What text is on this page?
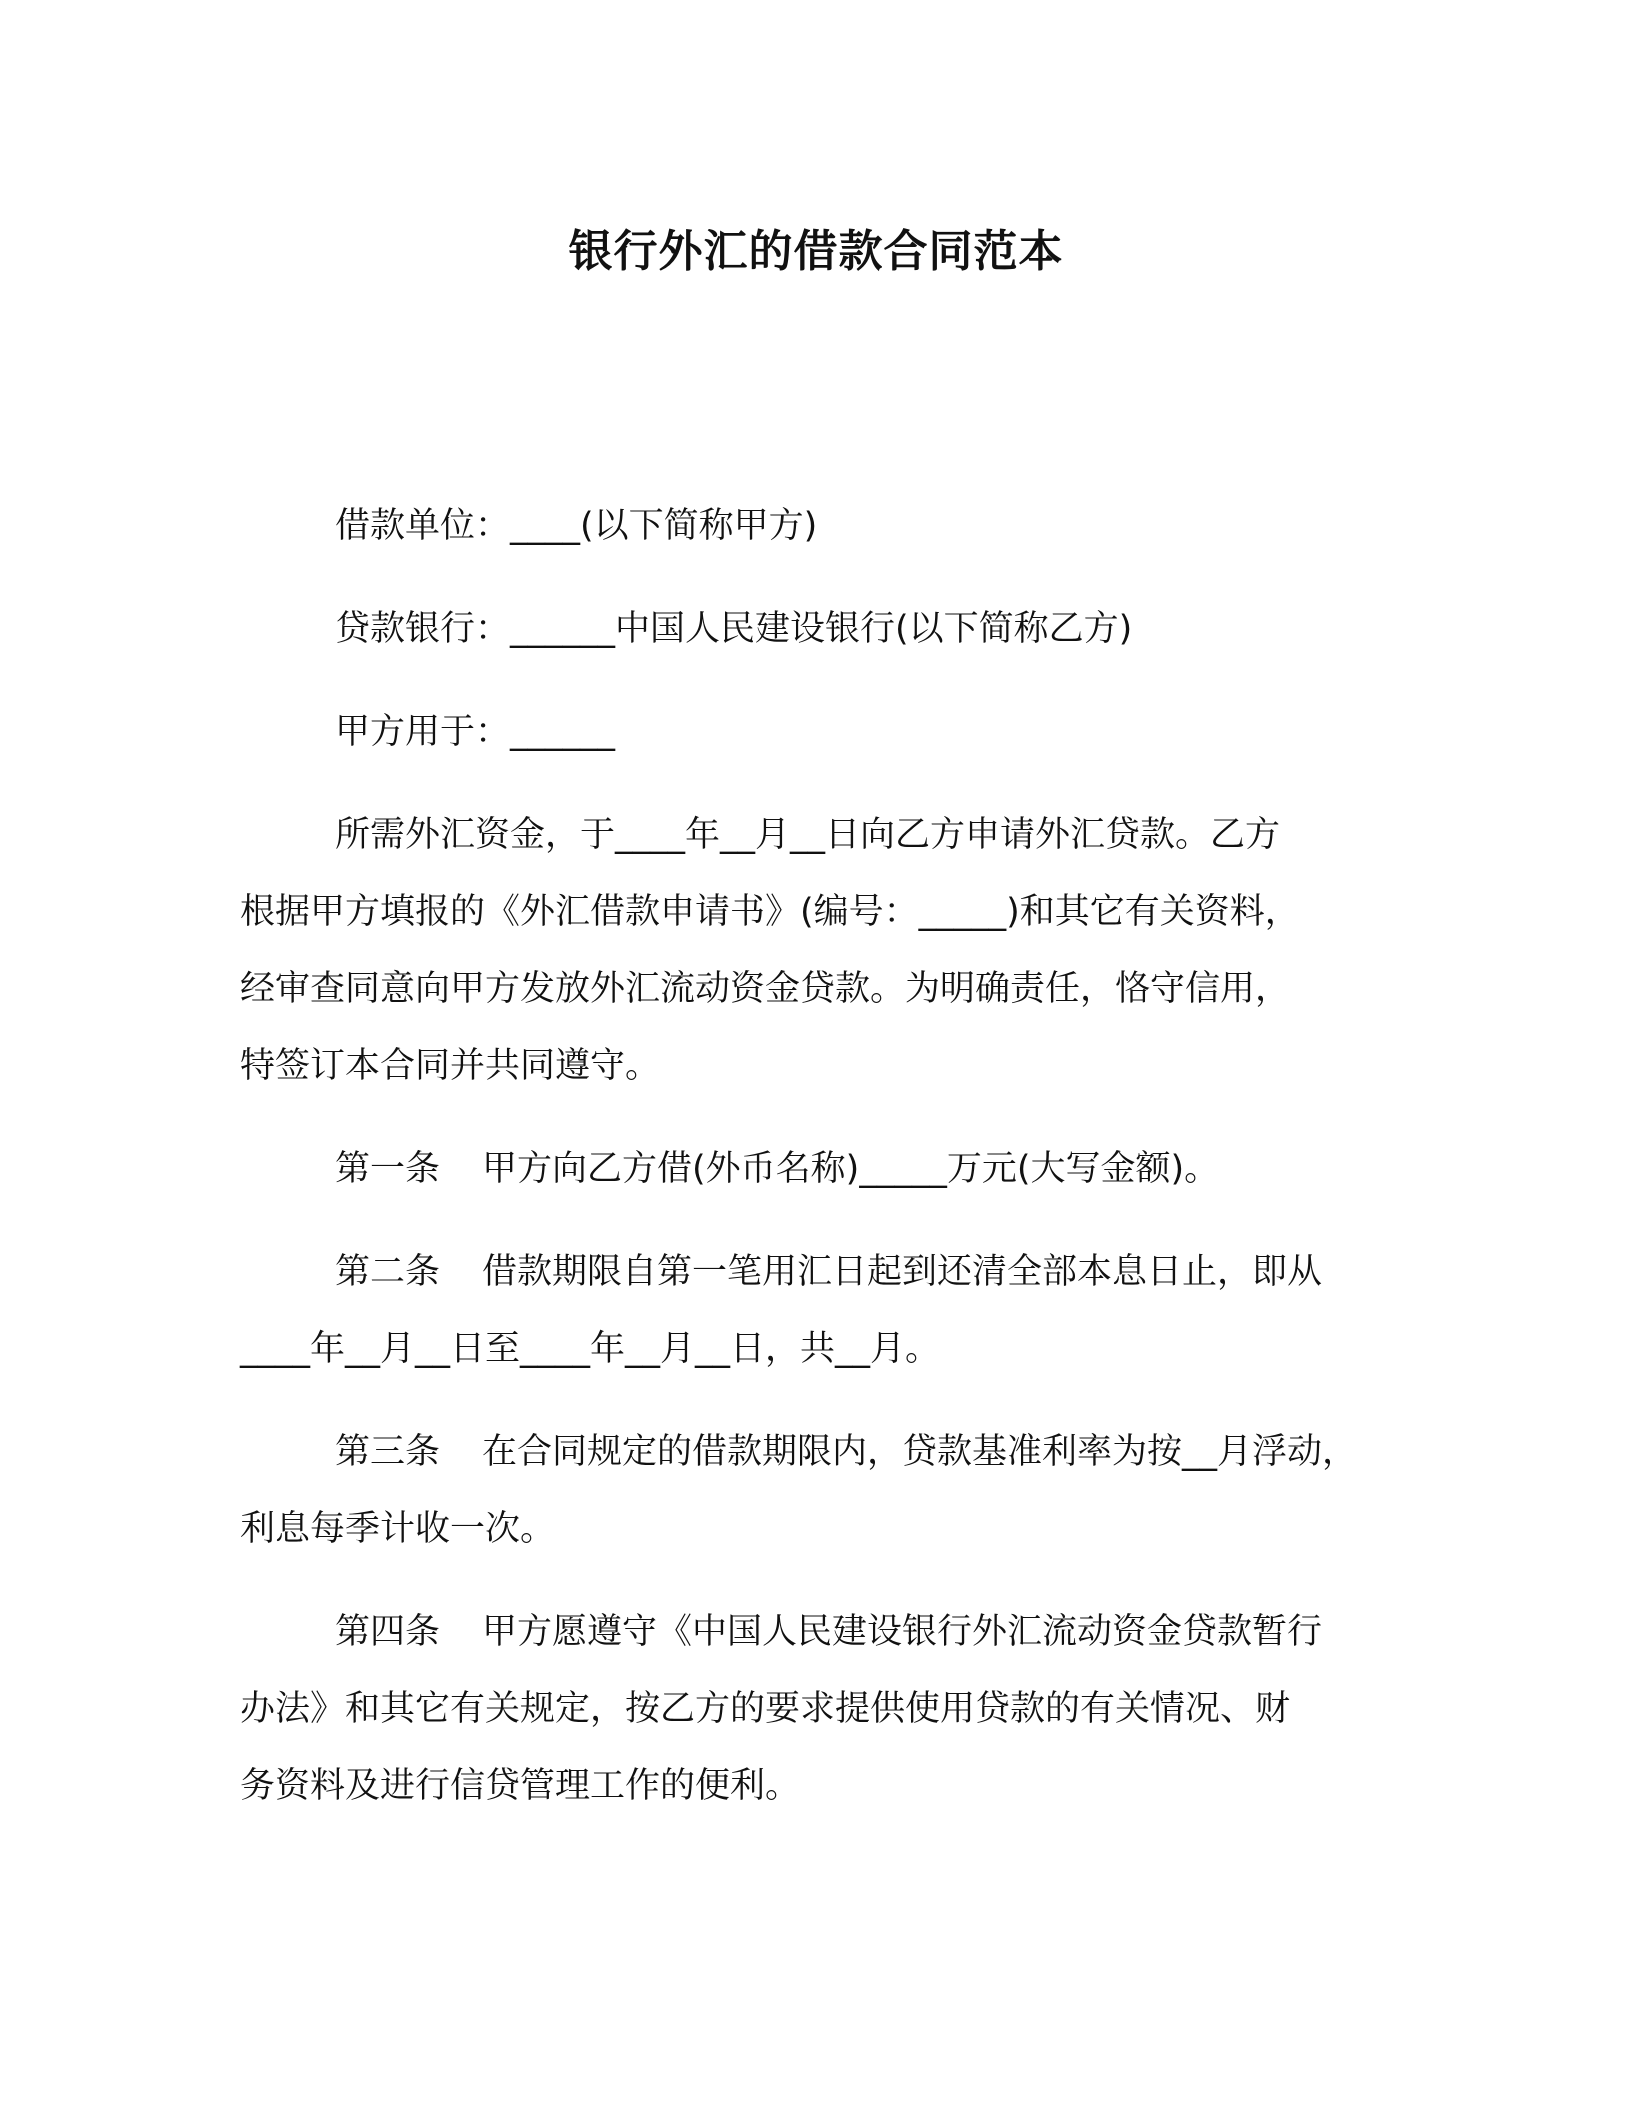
银行外汇的借款合同范本

借款单位：____(以下简称甲方)

贷款银行：______中国人民建设银行(以下简称乙方)

甲方用于：______

所需外汇资金，于____年__月__日向乙方申请外汇贷款。乙方
根据甲方填报的《外汇借款申请书》(编号：_____)和其它有关资料，
经审查同意向甲方发放外汇流动资金贷款。为明确责任，恪守信用，
特签订本合同并共同遵守。

第一条 甲方向乙方借(外币名称)_____万元(大写金额)。

第二条 借款期限自第一笔用汇日起到还清全部本息日止，即从
____年__月__日至____年__月__日，共__月。

第三条 在合同规定的借款期限内，贷款基准利率为按__月浮动，
利息每季计收一次。

第四条 甲方愿遵守《中国人民建设银行外汇流动资金贷款暂行
办法》和其它有关规定，按乙方的要求提供使用贷款的有关情况、财
务资料及进行信贷管理工作的便利。
